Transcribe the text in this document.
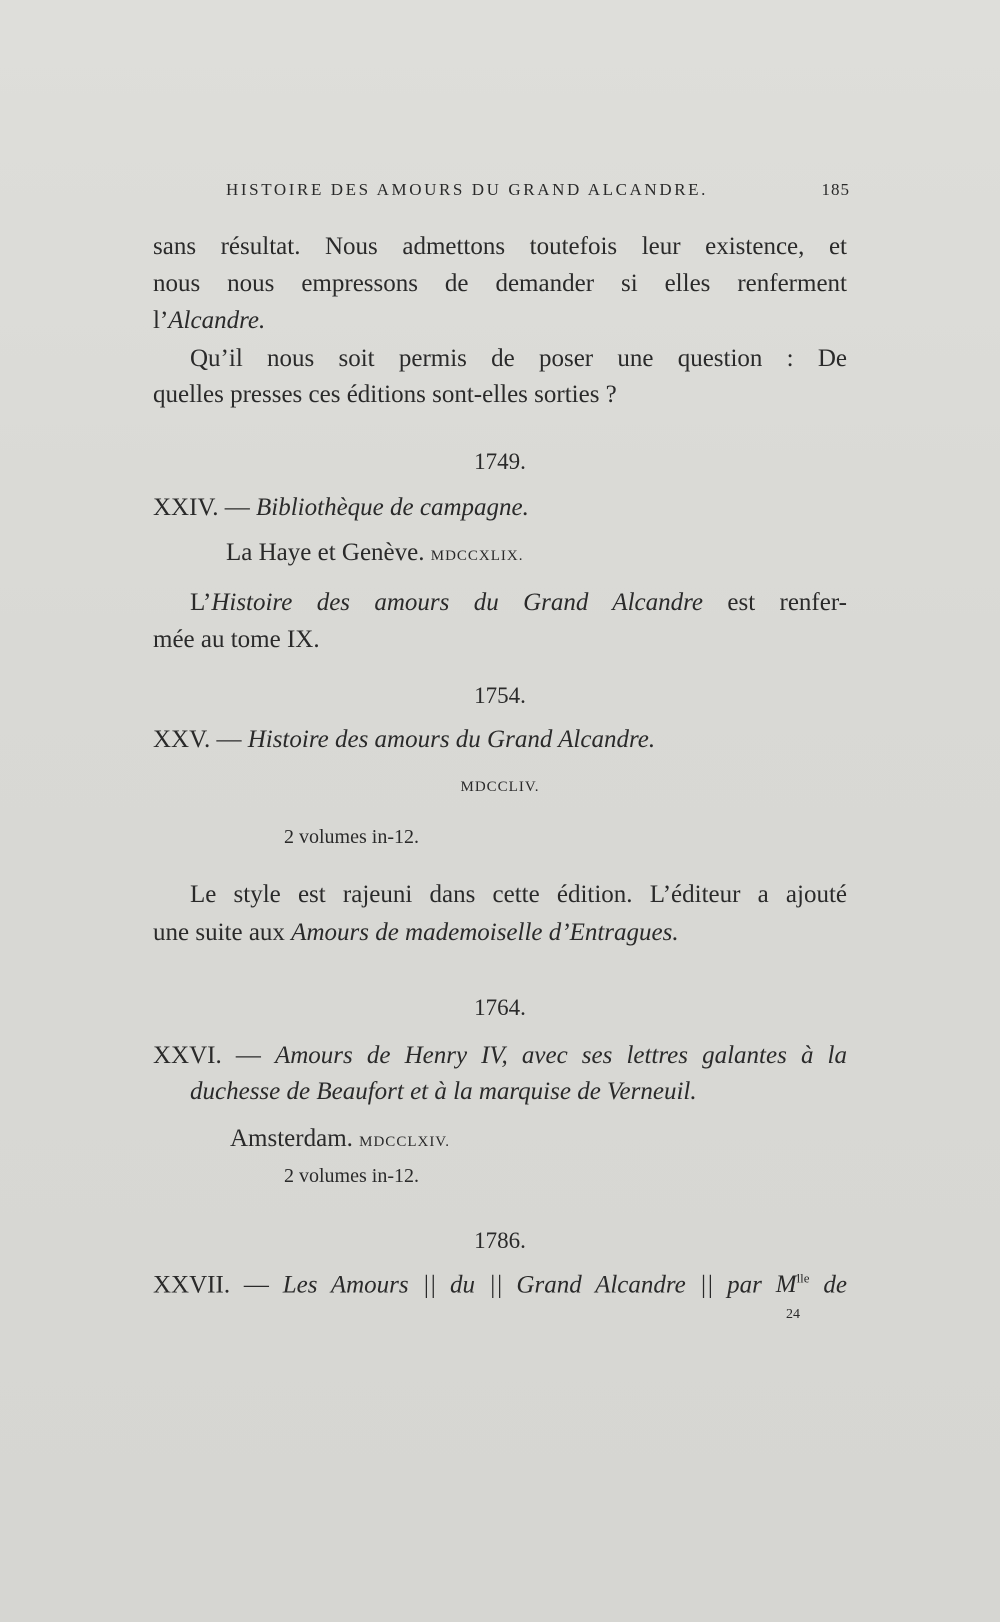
HISTOIRE DES AMOURS DU GRAND ALCANDRE.	185
sans résultat. Nous admettons toutefois leur existence, et
nous nous empressons de demander si elles renferment
l’Alcandre.
Qu’il nous soit permis de poser une question : De
quelles presses ces éditions sont-elles sorties ?
1749.
XXIV. — Bibliothèque de campagne.
La Haye et Genève. MDCCXLIX.
L’Histoire des amours du Grand Alcandre est renfer-
mée au tome IX.
1754.
XXV. — Histoire des amours du Grand Alcandre.
MDCCLIV.
2 volumes in-12.
Le style est rajeuni dans cette édition. L’éditeur a ajouté
une suite aux Amours de mademoiselle d’Entragues.
1764.
XXVI. — Amours de Henry IV, avec ses lettres galantes à la
duchesse de Beaufort et à la marquise de Verneuil.
Amsterdam. MDCCLXIV.
2 volumes in-12.
1786.
XXVII. — Les Amours || du || Grand Alcandre || par $M^{lle}$ de
24
